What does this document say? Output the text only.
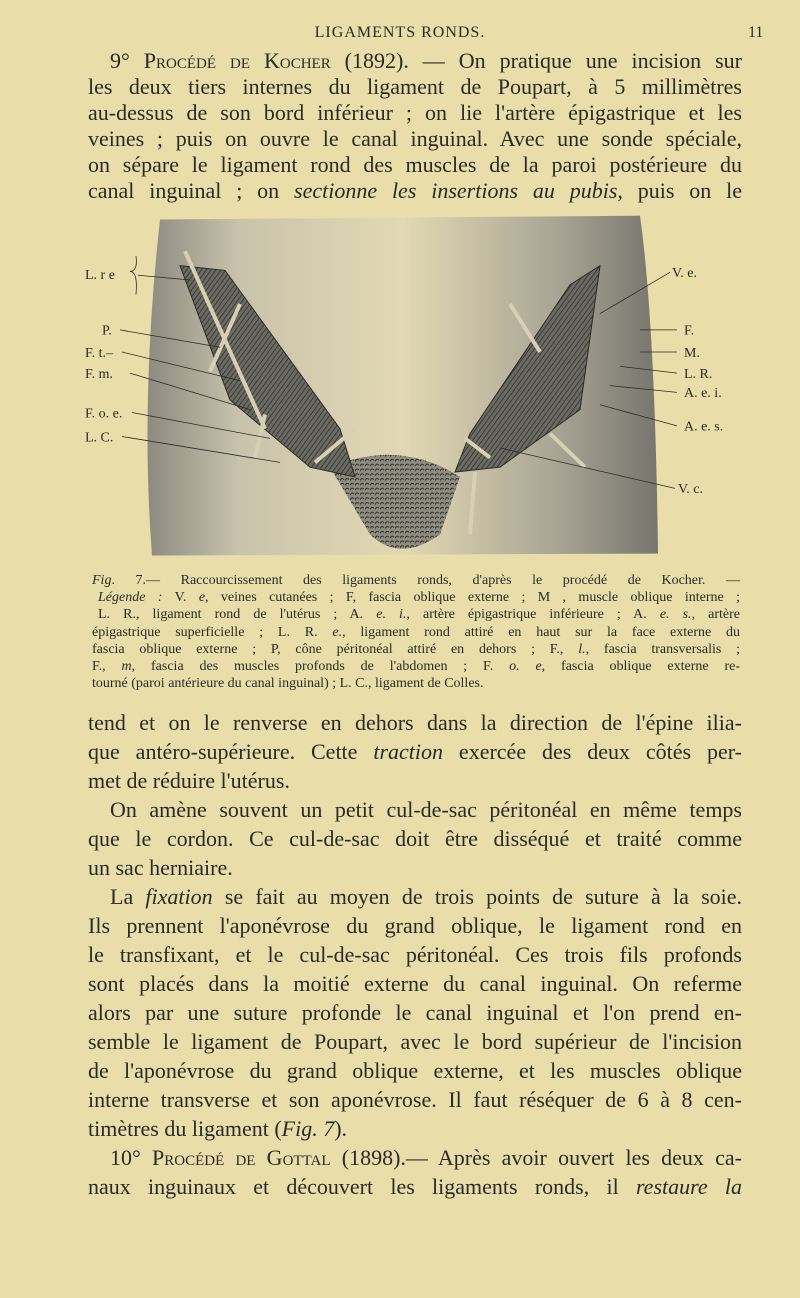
LIGAMENTS RONDS.	11
9° Procédé de Kocher (1892). — On pratique une incision sur
les deux tiers internes du ligament de Poupart, à 5 millimètres
au-dessus de son bord inférieur ; on lie l'artère épigastrique et les
veines ; puis on ouvre le canal inguinal. Avec une sonde spéciale,
on sépare le ligament rond des muscles de la paroi postérieure du
canal inguinal ; on sectionne les insertions au pubis, puis on le
L. r e
P.
F. t.–
F. m.
F. o. e.
L. C.
V. e.
F.
M.
L. R.
A. e. i.
A. e. s.
V. c.
Fig. 7.— Raccourcissement des ligaments ronds, d'après le procédé de Kocher. —
Légende : V. e, veines cutanées ; F, fascia oblique externe ; M , muscle oblique interne ;
L. R., ligament rond de l'utérus ; A. e. i., artère épigastrique inférieure ; A. e. s., artère
épigastrique superficielle ; L. R. e., ligament rond attiré en haut sur la face externe du
fascia oblique externe ; P, cône péritonéal attiré en dehors ; F., l., fascia transversalis ;
F., m, fascia des muscles profonds de l'abdomen ; F. o. e, fascia oblique externe re-
tourné (paroi antérieure du canal inguinal) ; L. C., ligament de Colles.
tend et on le renverse en dehors dans la direction de l'épine ilia-
que antéro-supérieure. Cette traction exercée des deux côtés per-
met de réduire l'utérus.
On amène souvent un petit cul-de-sac péritonéal en même temps
que le cordon. Ce cul-de-sac doit être disséqué et traité comme
un sac herniaire.
La fixation se fait au moyen de trois points de suture à la soie.
Ils prennent l'aponévrose du grand oblique, le ligament rond en
le transfixant, et le cul-de-sac péritonéal. Ces trois fils profonds
sont placés dans la moitié externe du canal inguinal. On referme
alors par une suture profonde le canal inguinal et l'on prend en-
semble le ligament de Poupart, avec le bord supérieur de l'incision
de l'aponévrose du grand oblique externe, et les muscles oblique
interne transverse et son aponévrose. Il faut réséquer de 6 à 8 cen-
timètres du ligament (Fig. 7).
10° Procédé de Gottal (1898).— Après avoir ouvert les deux ca-
naux inguinaux et découvert les ligaments ronds, il restaure la
